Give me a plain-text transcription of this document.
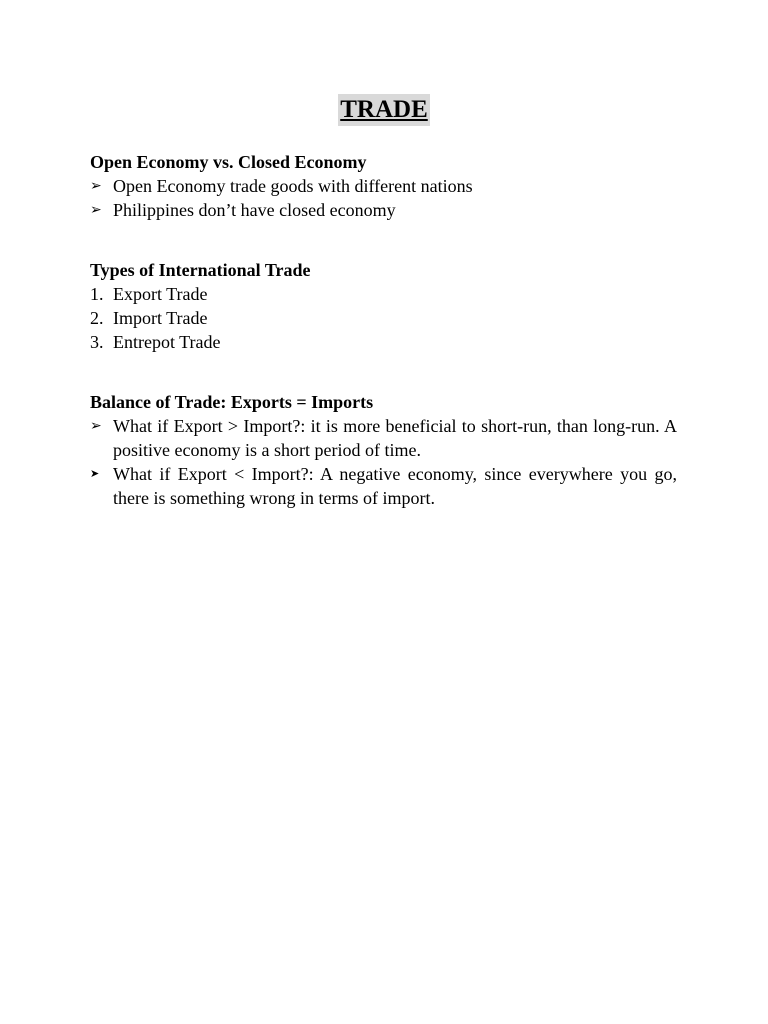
TRADE

Open Economy vs. Closed Economy

➢ Open Economy trade goods with different nations
➢ Philippines don’t have closed economy

Types of International Trade

1. Export Trade
2. Import Trade
3. Entrepot Trade

Balance of Trade: Exports = Imports

➢ What if Export > Import?: it is more beneficial to short-run, than long-run. A positive economy is a short period of time.
➤ What if Export < Import?: A negative economy, since everywhere you go, there is something wrong in terms of import.
